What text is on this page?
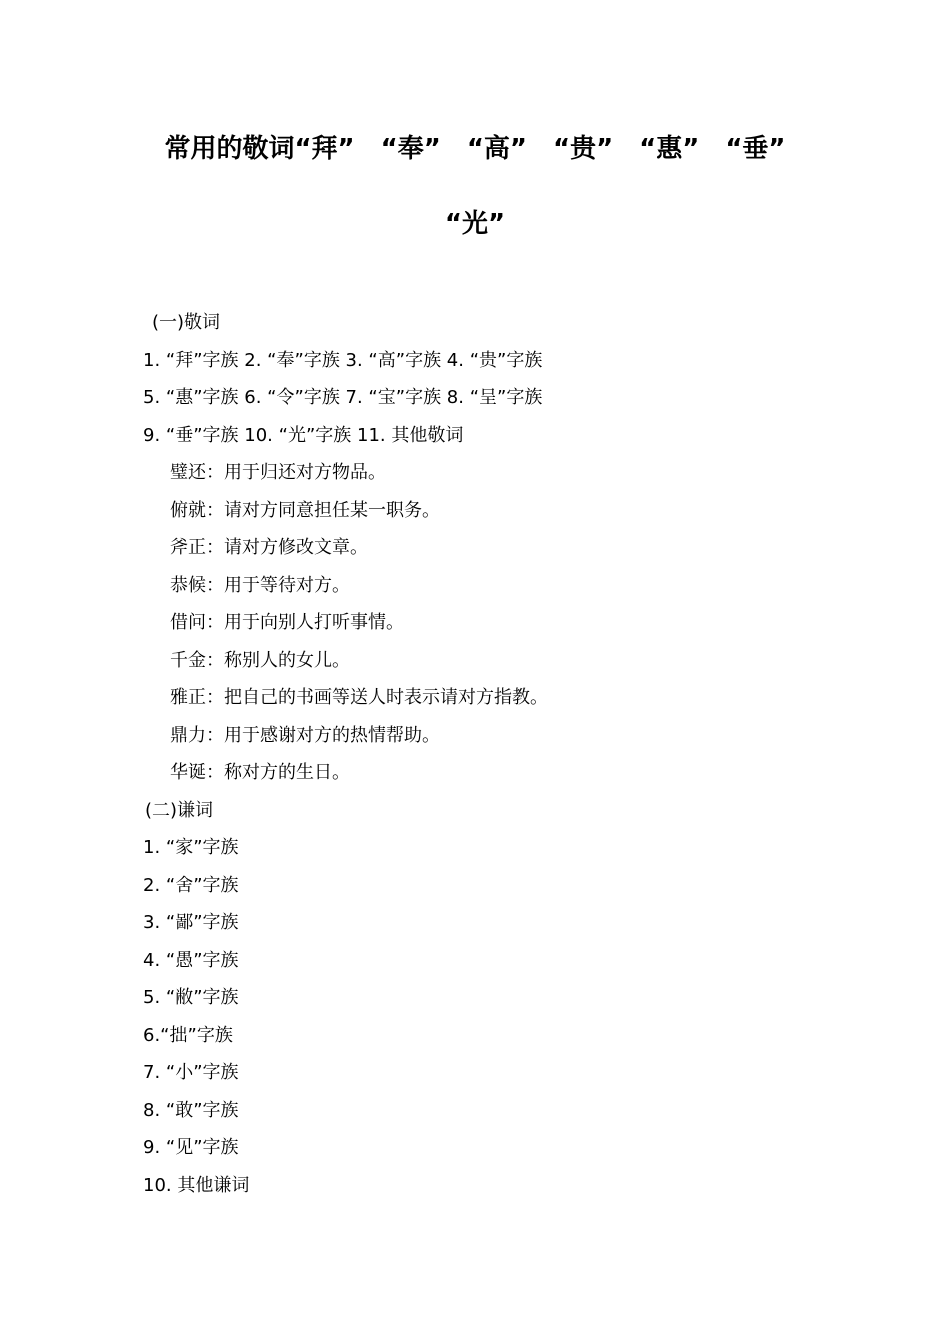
常用的敬词“拜”　“奉”　“高”　“贵”　“惠”　“垂”
“光”
(一)敬词
1. “拜”字族 2. “奉”字族 3. “高”字族 4. “贵”字族
5. “惠”字族 6. “令”字族 7. “宝”字族 8. “呈”字族
9. “垂”字族 10. “光”字族 11. 其他敬词
璧还：用于归还对方物品。
俯就：请对方同意担任某一职务。
斧正：请对方修改文章。
恭候：用于等待对方。
借问：用于向别人打听事情。
千金：称别人的女儿。
雅正：把自己的书画等送人时表示请对方指教。
鼎力：用于感谢对方的热情帮助。
华诞：称对方的生日。
(二)谦词
1. “家”字族
2. “舍”字族
3. “鄙”字族
4. “愚”字族
5. “敝”字族
6.“拙”字族
7. “小”字族
8. “敢”字族
9. “见”字族
10. 其他谦词
